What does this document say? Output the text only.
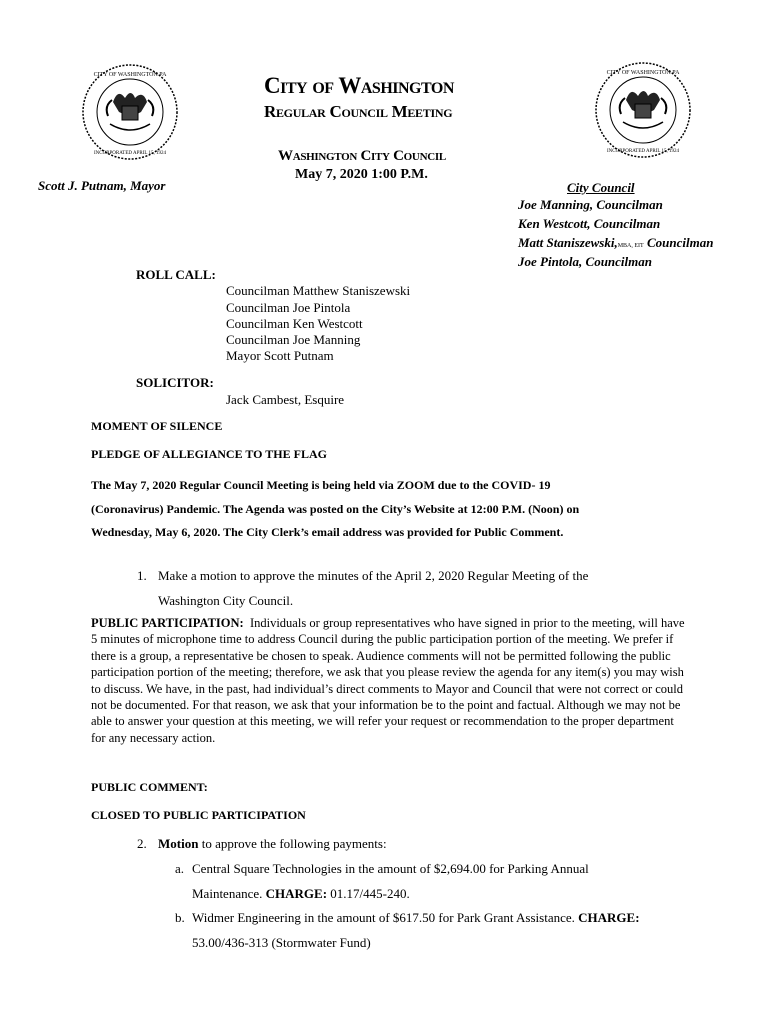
CITY OF WASHINGTON PA
INCORPORATED APRIL 15, 1924
CITY OF WASHINGTON PA
INCORPORATED APRIL 15, 1924
City of Washington
Regular Council Meeting
Washington City Council
May 7, 2020 1:00 P.M.
Scott J. Putnam, Mayor	City Council
Joe Manning, Councilman
Ken Westcott, Councilman
Matt Staniszewski,MBA, EIT Councilman
Joe Pintola, Councilman
ROLL CALL:
Councilman Matthew Staniszewski
Councilman Joe Pintola
Councilman Ken Westcott
Councilman Joe Manning
Mayor Scott Putnam
SOLICITOR:
Jack Cambest, Esquire
MOMENT OF SILENCE
PLEDGE OF ALLEGIANCE TO THE FLAG
The May 7, 2020 Regular Council Meeting is being held via ZOOM due to the COVID- 19
(Coronavirus) Pandemic. The Agenda was posted on the City’s Website at 12:00 P.M. (Noon) on
Wednesday, May 6, 2020. The City Clerk’s email address was provided for Public Comment.
1. Make a motion to approve the minutes of the April 2, 2020 Regular Meeting of the
Washington City Council.
PUBLIC PARTICIPATION: Individuals or group representatives who have signed in prior to the meeting, will have 5 minutes of microphone time to address Council during the public participation portion of the meeting. We prefer if there is a group, a representative be chosen to speak. Audience comments will not be permitted following the public participation portion of the meeting; therefore, we ask that you please review the agenda for any item(s) you may wish to discuss. We have, in the past, had individual’s direct comments to Mayor and Council that were not correct or could not be documented. For that reason, we ask that your information be to the point and factual. Although we may not be able to answer your question at this meeting, we will refer your request or recommendation to the proper department for any necessary action.
PUBLIC COMMENT:
CLOSED TO PUBLIC PARTICIPATION
2. Motion to approve the following payments:
a. Central Square Technologies in the amount of $2,694.00 for Parking Annual
Maintenance. CHARGE: 01.17/445-240.
b. Widmer Engineering in the amount of $617.50 for Park Grant Assistance. CHARGE:
53.00/436-313 (Stormwater Fund)
